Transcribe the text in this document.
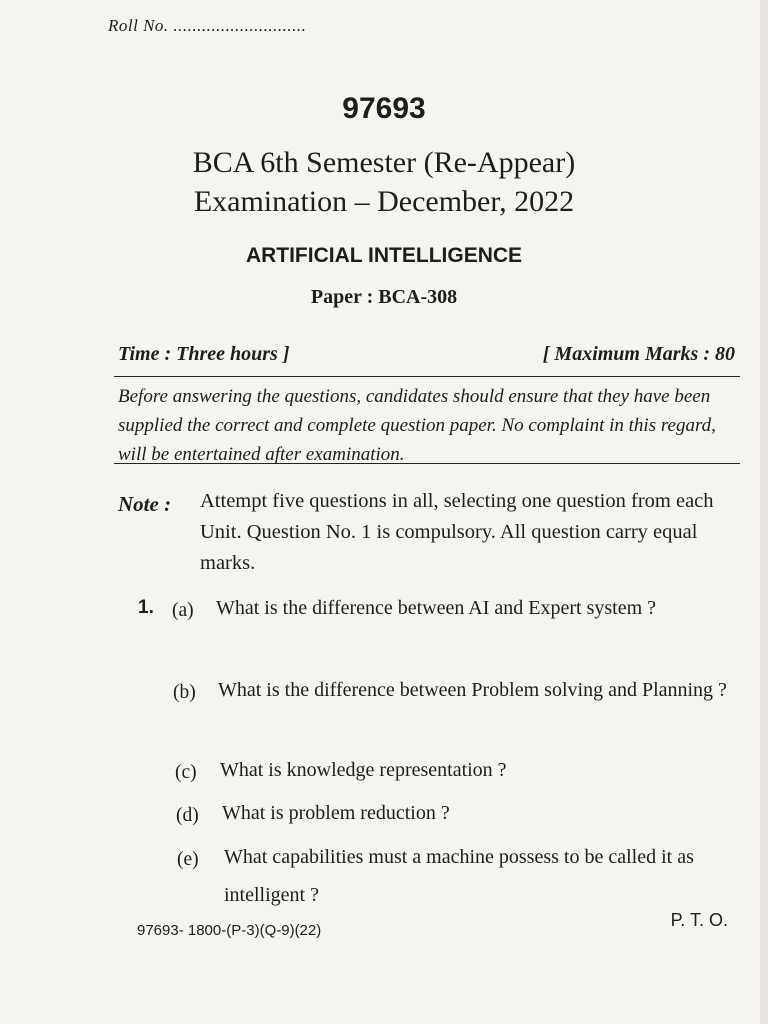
Roll No. ............................
97693
BCA 6th Semester (Re-Appear)
Examination – December, 2022
ARTIFICIAL INTELLIGENCE
Paper : BCA-308
Time : Three hours ]	[ Maximum Marks : 80
Before answering the questions, candidates should ensure that they have been supplied the correct and complete question paper. No complaint in this regard, will be entertained after examination.
Note : Attempt five questions in all, selecting one question from each Unit. Question No. 1 is compulsory. All question carry equal marks.
1. (a) What is the difference between AI and Expert system ?
(b) What is the difference between Problem solving and Planning ?
(c) What is knowledge representation ?
(d) What is problem reduction ?
(e) What capabilities must a machine possess to be called it as intelligent ?
97693- 1800-(P-3)(Q-9)(22)
P. T. O.
